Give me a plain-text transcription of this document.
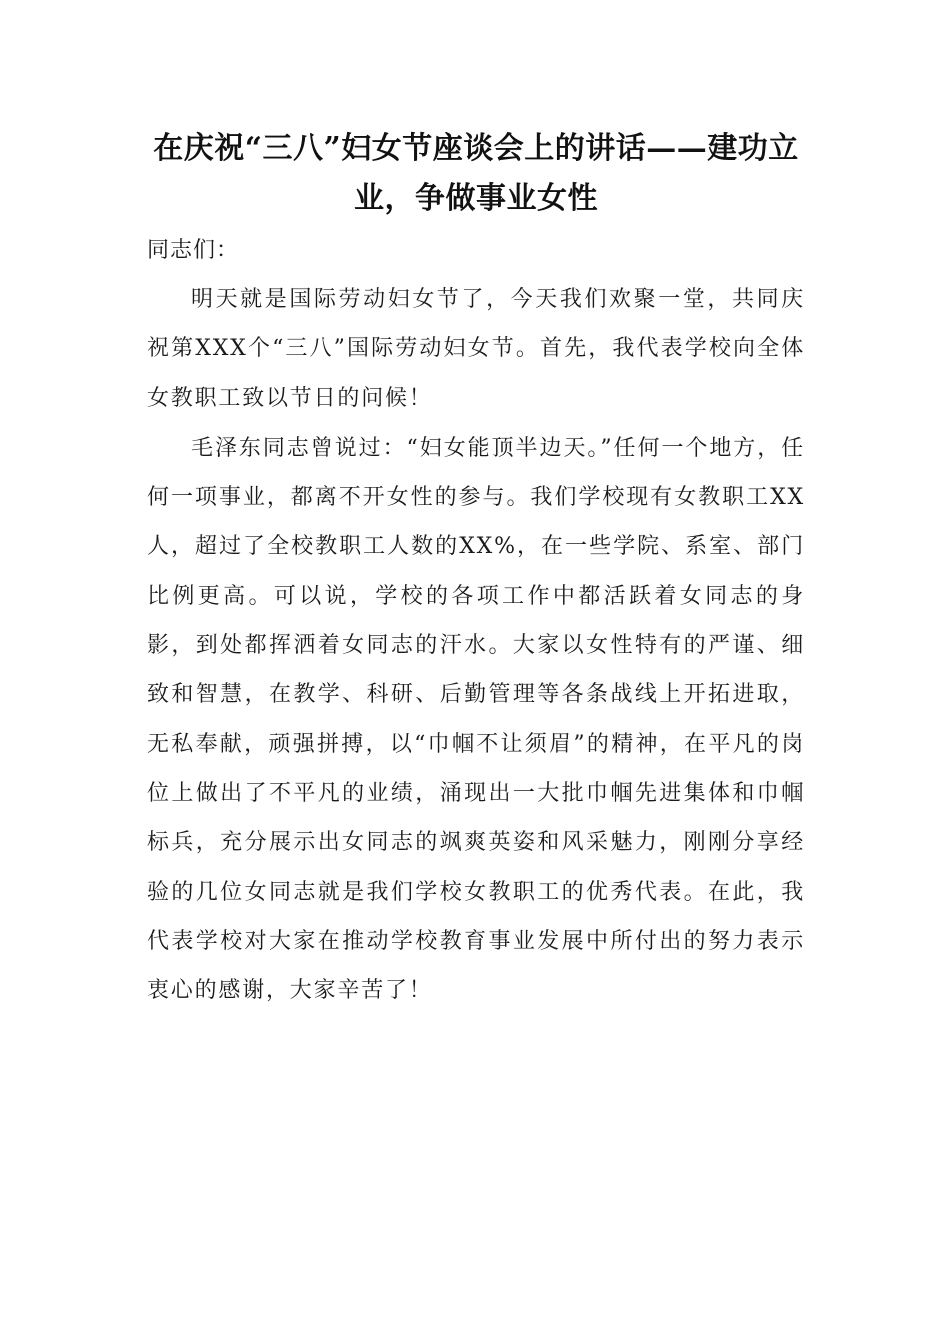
在庆祝“三八”妇女节座谈会上的讲话——建功立业，争做事业女性

同志们：

明天就是国际劳动妇女节了，今天我们欢聚一堂，共同庆祝第XXX个“三八”国际劳动妇女节。首先，我代表学校向全体女教职工致以节日的问候！

毛泽东同志曾说过：“妇女能顶半边天。”任何一个地方，任何一项事业，都离不开女性的参与。我们学校现有女教职工XX人，超过了全校教职工人数的XX%，在一些学院、系室、部门比例更高。可以说，学校的各项工作中都活跃着女同志的身影，到处都挥洒着女同志的汗水。大家以女性特有的严谨、细致和智慧，在教学、科研、后勤管理等各条战线上开拓进取，无私奉献，顽强拼搏，以“巾帼不让须眉”的精神，在平凡的岗位上做出了不平凡的业绩，涌现出一大批巾帼先进集体和巾帼标兵，充分展示出女同志的飒爽英姿和风采魅力，刚刚分享经验的几位女同志就是我们学校女教职工的优秀代表。在此，我代表学校对大家在推动学校教育事业发展中所付出的努力表示衷心的感谢，大家辛苦了！
